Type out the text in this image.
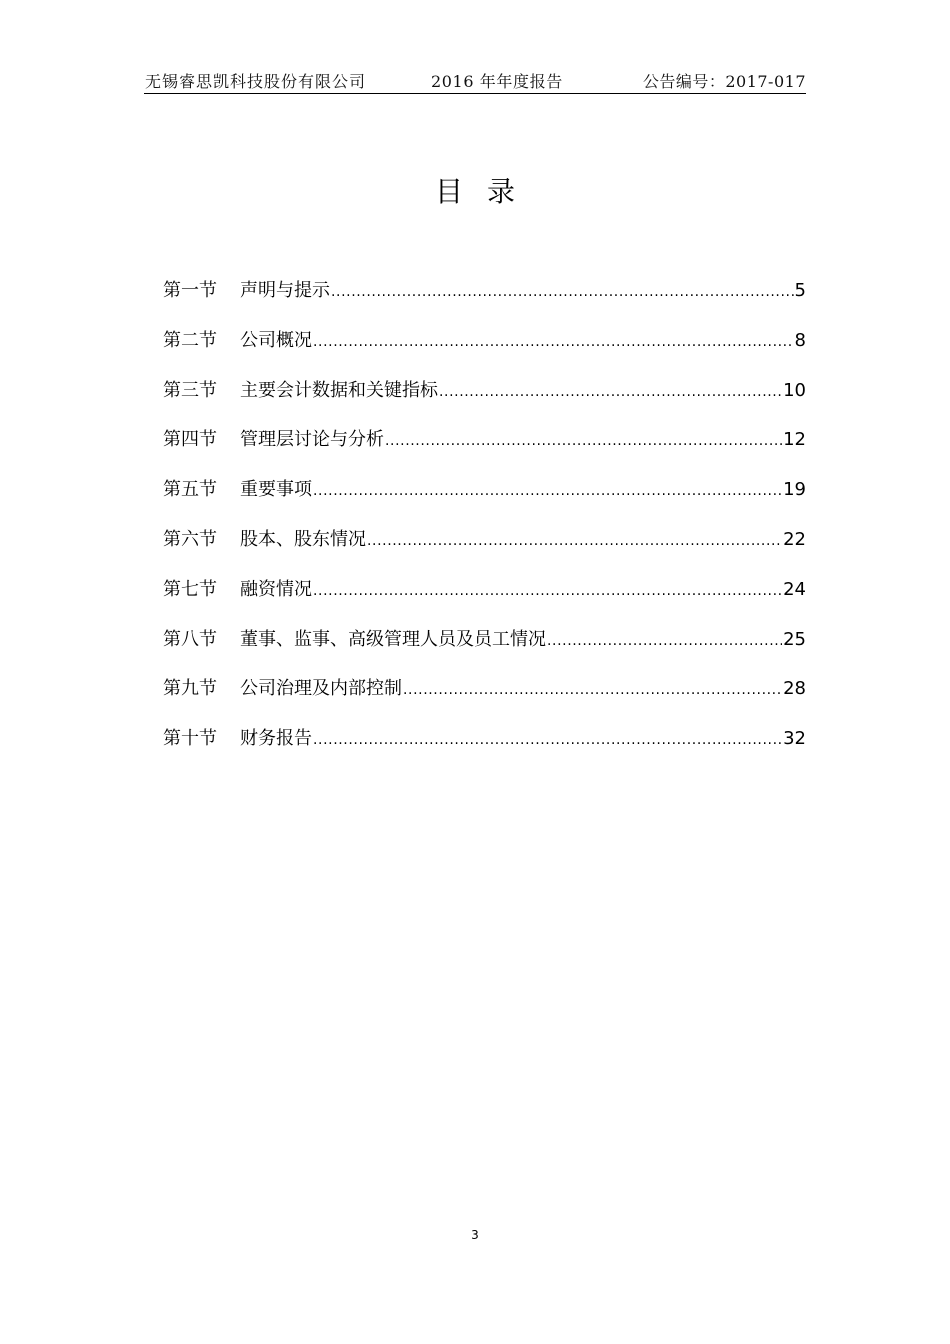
无锡睿思凯科技股份有限公司	2016 年年度报告	公告编号：2017-017
目录
第一节	声明与提示 .....	5
第二节	公司概况 .....	8
第三节	主要会计数据和关键指标 .....	10
第四节	管理层讨论与分析 .....	12
第五节	重要事项 .....	19
第六节	股本、股东情况 .....	22
第七节	融资情况 .....	24
第八节	董事、监事、高级管理人员及员工情况 .....	25
第九节	公司治理及内部控制 .....	28
第十节	财务报告 .....	32
3
